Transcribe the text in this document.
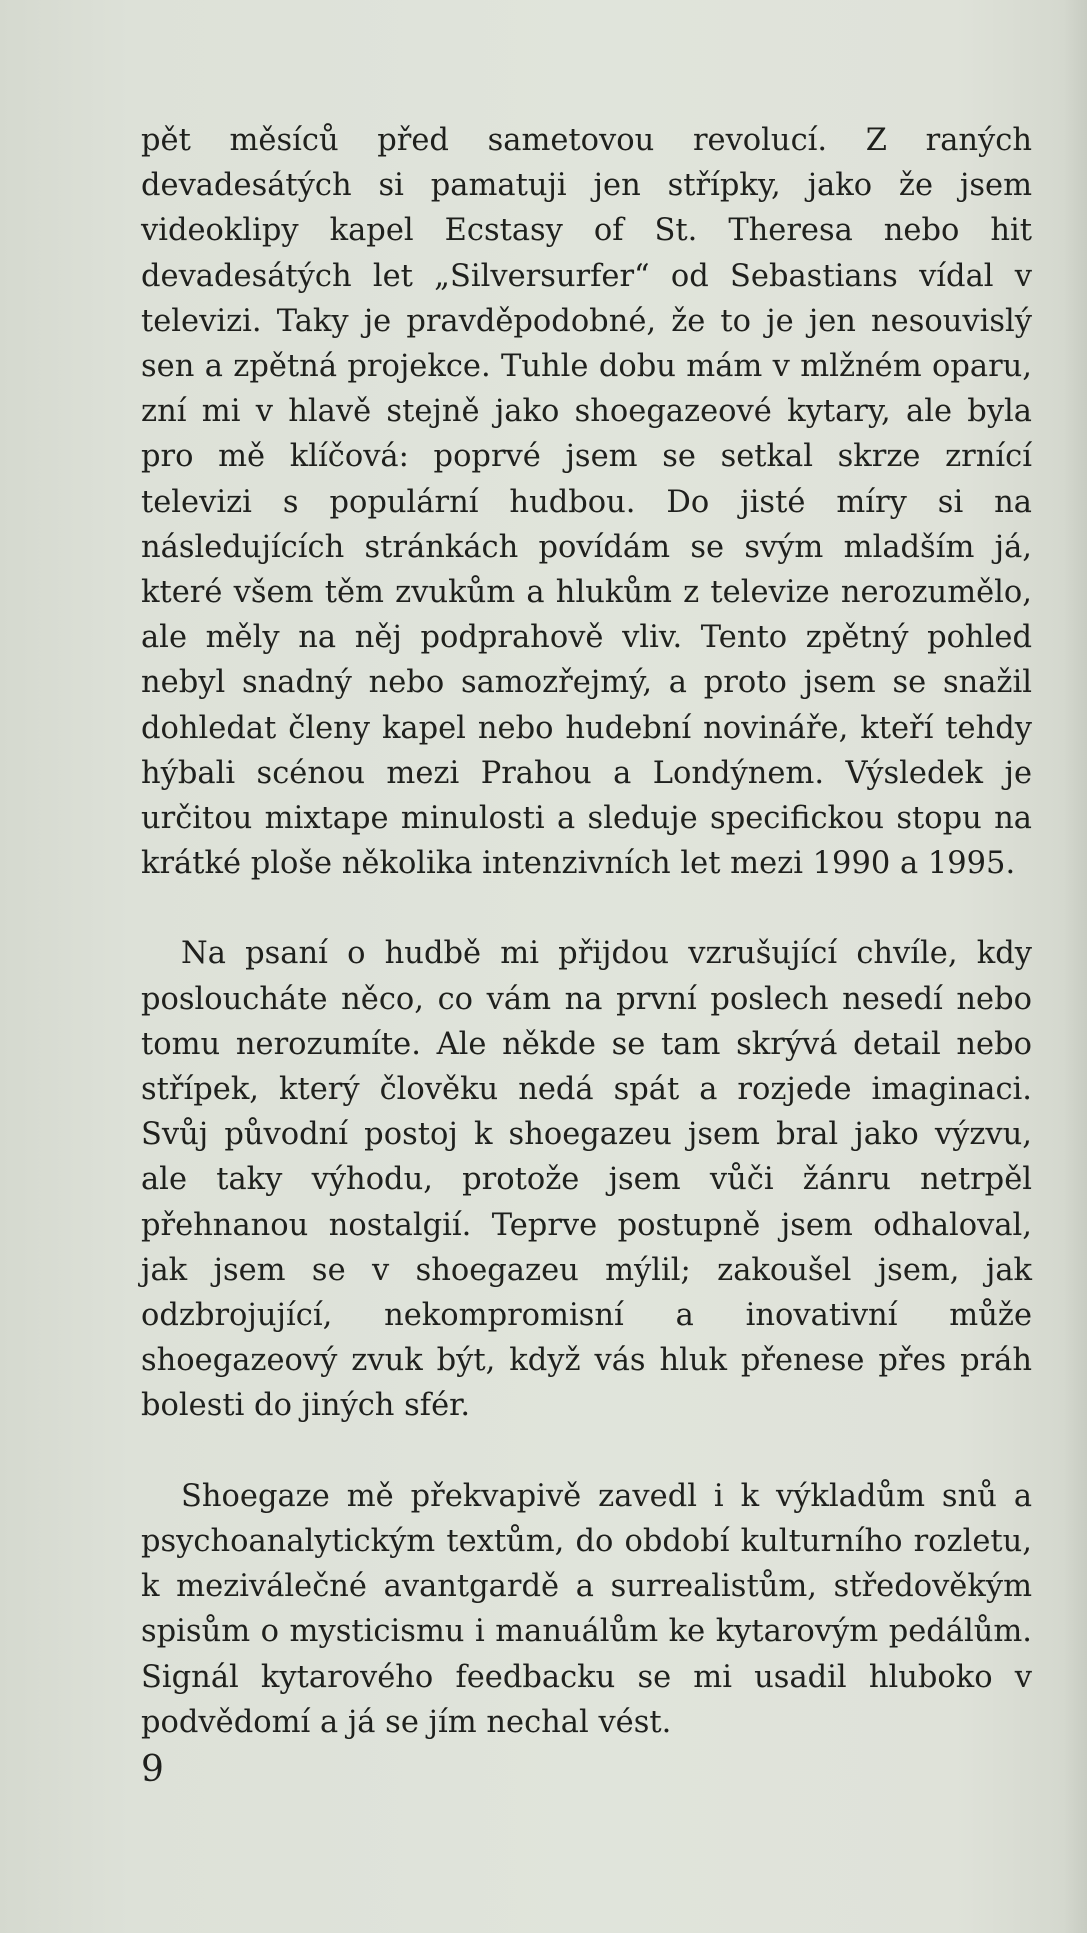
pět měsíců před sametovou revolucí. Z raných devadesátých si pamatuji jen střípky, jako že jsem videoklipy kapel Ecstasy of St. Theresa nebo hit devadesátých let „Silversurfer“ od Sebastians vídal v televizi. Taky je pravděpodobné, že to je jen nesouvislý sen a zpětná projekce. Tuhle dobu mám v mlžném oparu, zní mi v hlavě stejně jako shoegazeové kytary, ale byla pro mě klíčová: poprvé jsem se setkal skrze zrnící televizi s populární hudbou. Do jisté míry si na následujících stránkách povídám se svým mladším já, které všem těm zvukům a hlukům z televize nerozumělo, ale měly na něj podprahově vliv. Tento zpětný pohled nebyl snadný nebo samozřejmý, a proto jsem se snažil dohledat členy kapel nebo hudební novináře, kteří tehdy hýbali scénou mezi Prahou a Londýnem. Výsledek je určitou mixtape minulosti a sleduje specifickou stopu na krátké ploše několika intenzivních let mezi 1990 a 1995.

Na psaní o hudbě mi přijdou vzrušující chvíle, kdy posloucháte něco, co vám na první poslech nesedí nebo tomu nerozumíte. Ale někde se tam skrývá detail nebo střípek, který člověku nedá spát a rozjede imaginaci. Svůj původní postoj k shoegazeu jsem bral jako výzvu, ale taky výhodu, protože jsem vůči žánru netrpěl přehnanou nostalgií. Teprve postupně jsem odhaloval, jak jsem se v shoegazeu mýlil; zakoušel jsem, jak odzbrojující, nekompromisní a inovativní může shoegazeový zvuk být, když vás hluk přenese přes práh bolesti do jiných sfér.

Shoegaze mě překvapivě zavedl i k výkladům snů a psychoanalytickým textům, do období kulturního rozletu, k meziválečné avantgardě a surrealistům, středověkým spisům o mysticismu i manuálům ke kytarovým pedálům. Signál kytarového feedbacku se mi usadil hluboko v podvědomí a já se jím nechal vést.

9
